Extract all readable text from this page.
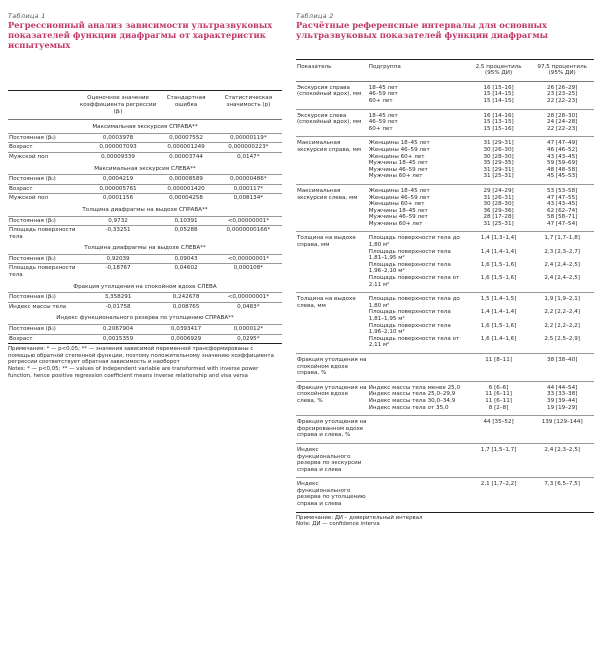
Таблица 1
Регрессионный анализ зависимости ультразвуковых показателей функции диафрагмы от характеристик испытуемых
	Оценочное значение коэффициента регрессии (βᵢ)	Стандартная ошибка	Статистическая значимость (p)
Максимальная экскурсия СПРАВА**			
Постоянная (β₀)	0,0003978	0,00007552	0,00000119*
Возраст	0,000007093	0,000001249	0,000000223*
Мужской пол	0,00009339	0,00003744	0,0147*
Максимальная экскурсия СЛЕВА**			
Постоянная (β₀)	0,0004219	0,00008589	0,00000486*
Возраст	0,000005761	0,000001420	0,000117*
Мужской пол	0,0001156	0,00004258	0,008134*
Толщина диафрагмы на выдохе СПРАВА**			
Постоянная (β₀)	0,9732	0,10391	<0,00000001*
Площадь поверхности тела	-0,33251	0,05288	0,0000000166*
Толщина диафрагмы на выдохе СЛЕВА**			
Постоянная (β₀)	0,92039	0,09043	<0,00000001*
Площадь поверхности тела	-0,18767	0,04602	0,000108*
Фракция утолщения на спокойном вдохе СЛЕВА			
Постоянная (β₀)	3,358291	0,242678	<0,00000001*
Индекс массы тела	-0,01758	0,008765	0,0483*
Индекс функционального резерва по утолщению СПРАВА**			
Постоянная (β₀)	0,2067904	0,0393417	0,000012*
Возраст	0,0015359	0,0006929	0,0295*
Примечания: * — p<0,05; ** — значения зависимой переменной трансформированы с помощью обратной степенной функции, поэтому положительному значению коэффициента регрессии соответствует обратная зависимость и наоборот
Notes: * — p<0,05; ** — values of independent variable are transformed with inverse power function, hence positive regression coefficient means inverse relationship and visa versa
Таблица 2
Расчётные референсные интервалы для основных ультразвуковых показателей функции диафрагмы
Показатель	Подгруппа	2,5 процентиль (95% ДИ)	97,5 процентиль (95% ДИ)
Экскурсия справа (спокойный вдох), мм	18–45 лет	16 [15–16]	26 [26–29]
	46–59 лет	15 [14–15]	23 [23–25]
	60+ лет	15 [14–15]	22 [22–23]

Экскурсия слева (спокойный вдох), мм	18–45 лет	16 [14–16]	28 [28–30]
	46–59 лет	15 [13–15]	24 [24–28]
	60+ лет	15 [15–16]	22 [22–23]

Максимальная экскурсия справа, мм	Женщины 18–45 лет	31 [29–31]	47 [47–49]
	Женщины 46–59 лет	30 [26–30]	46 [46–52]
	Женщины 60+ лет	30 [28–30]	43 [43–45]
	Мужчины 18–45 лет	35 [29–35]	59 [59–69]
	Мужчины 46–59 лет	31 [29–31]	48 [48–58]
	Мужчины 60+ лет	31 [25–31]	45 [45–53]

Максимальная экскурсия слева, мм	Женщины 18–45 лет	29 [24–29]	53 [53–58]
	Женщины 46–59 лет	31 [26–31]	47 [47–55]
	Женщины 60+ лет	30 [28–30]	43 [43–45]
	Мужчины 18–45 лет	36 [29–36]	62 [62–74]
	Мужчины 46–59 лет	28 [17–28]	58 [58–71]
	Мужчины 60+ лет	31 [25–31]	47 [47–54]

Толщина на выдохе справа, мм	Площадь поверхности тела до 1,80 м²	1,4 [1,3–1,4]	1,7 [1,7–1,8]
	Площадь поверхности тела 1,81–1,95 м²	1,4 [1,4–1,4]	2,3 [2,3–2,7]
	Площадь поверхности тела 1,96–2,10 м²	1,6 [1,5–1,6]	2,4 [2,4–2,5]
	Площадь поверхности тела от 2,11 м²	1,6 [1,5–1,6]	2,4 [2,4–2,5]

Толщина на выдохе слева, мм	Площадь поверхности тела до 1,80 м²	1,5 [1,4–1,5]	1,9 [1,9–2,1]
	Площадь поверхности тела 1,81–1,95 м²	1,4 [1,4–1,4]	2,2 [2,2–2,4]
	Площадь поверхности тела 1,96–2,10 м²	1,6 [1,5–1,6]	2,2 [2,2–2,2]
	Площадь поверхности тела от 2,11 м²	1,6 [1,4–1,6]	2,5 [2,5–2,9]

Фракция утолщения на спокойном вдохе справа, %		11 [8–11]	38 [38–40]

Фракция утолщения на спокойном вдохе слева, %	Индекс массы тела менее 25,0	6 [6–6]	44 [44–54]
	Индекс массы тела 25,0–29,9	11 [6–11]	33 [33–38]
	Индекс массы тела 30,0–34,9	11 [6–11]	39 [39–44]
	Индекс массы тела от 35,0	8 [2–8]	19 [19–29]

Фракция утолщения на форсированном вдохе справа и слева, %		44 [35–52]	139 [129–144]

Индекс функционального резерва по экскурсии справа и слева		1,7 [1,5–1,7]	2,4 [2,3–2,5]

Индекс функционального резерва по утолщению справа и слева		2,1 [1,7–2,2]	7,3 [6,5–7,5]

Примечание: ДИ – доверительный интервал
Note: ДИ — confidence interva
